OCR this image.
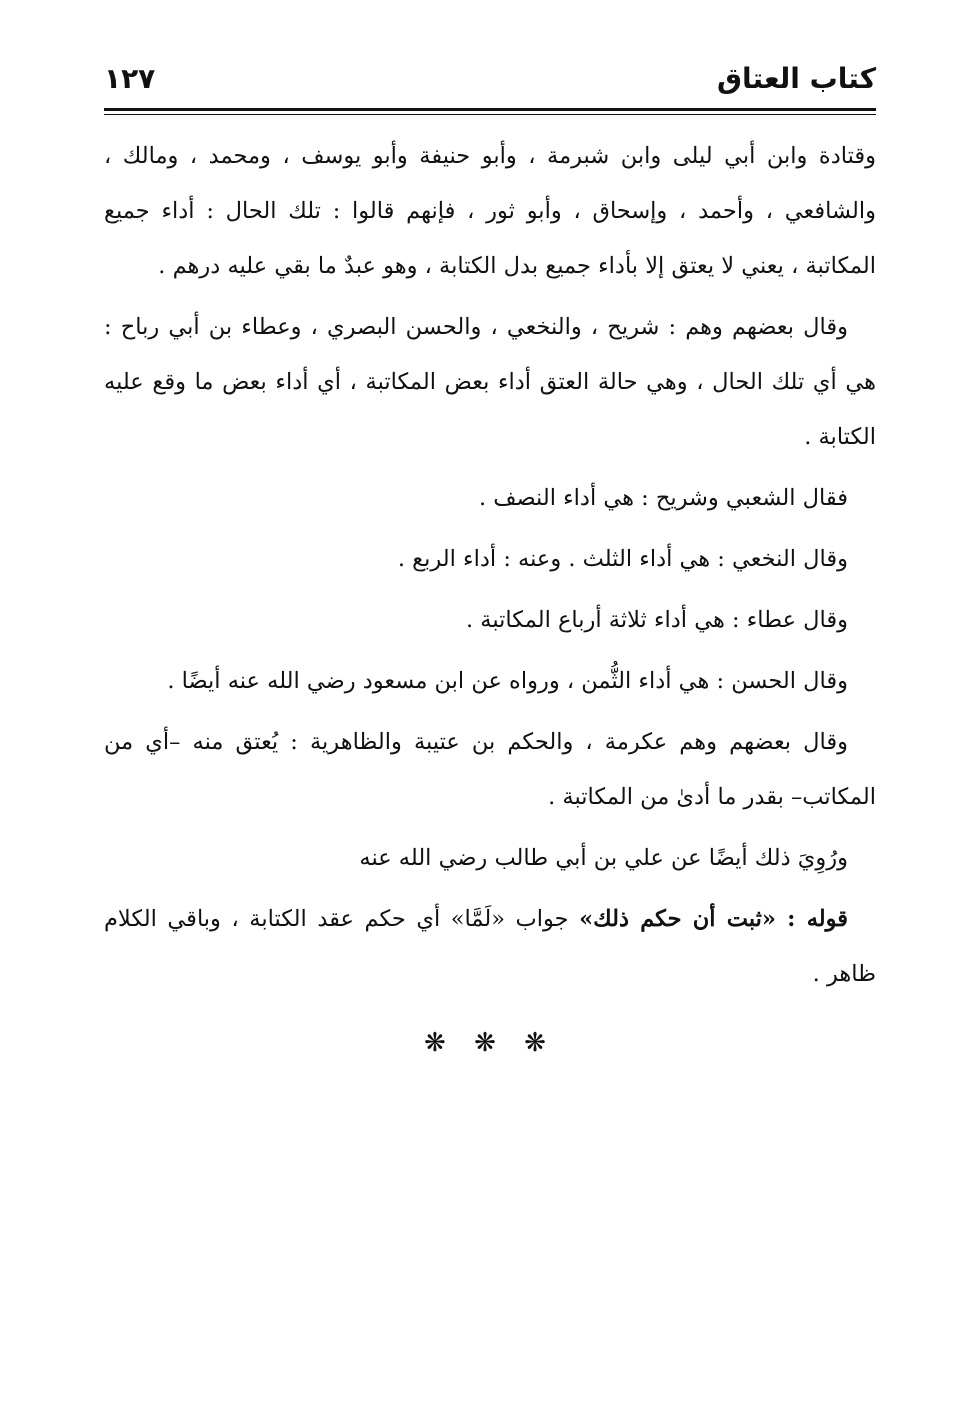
كتاب العتاق
١٢٧

وقتادة وابن أبي ليلى وابن شبرمة ، وأبو حنيفة وأبو يوسف ، ومحمد ، ومالك ، والشافعي ، وأحمد ، وإسحاق ، وأبو ثور ، فإنهم قالوا : تلك الحال : أداء جميع المكاتبة ، يعني لا يعتق إلا بأداء جميع بدل الكتابة ، وهو عبدٌ ما بقي عليه درهم .

وقال بعضهم وهم : شريح ، والنخعي ، والحسن البصري ، وعطاء بن أبي رباح : هي أي تلك الحال ، وهي حالة العتق أداء بعض المكاتبة ، أي أداء بعض ما وقع عليه الكتابة .

فقال الشعبي وشريح : هي أداء النصف .

وقال النخعي : هي أداء الثلث . وعنه : أداء الربع .

وقال عطاء : هي أداء ثلاثة أرباع المكاتبة .

وقال الحسن : هي أداء الثُّمن ، ورواه عن ابن مسعود رضي الله عنه أيضًا .

وقال بعضهم وهم عكرمة ، والحكم بن عتيبة والظاهرية : يُعتق منه –أي من المكاتب– بقدر ما أدىٰ من المكاتبة .

ورُوِيَ ذلك أيضًا عن علي بن أبي طالب رضي الله عنه

قوله : «ثبت أن حكم ذلك» جواب «لَمَّا» أي حكم عقد الكتابة ، وباقي الكلام ظاهر .

❋ ❋ ❋
